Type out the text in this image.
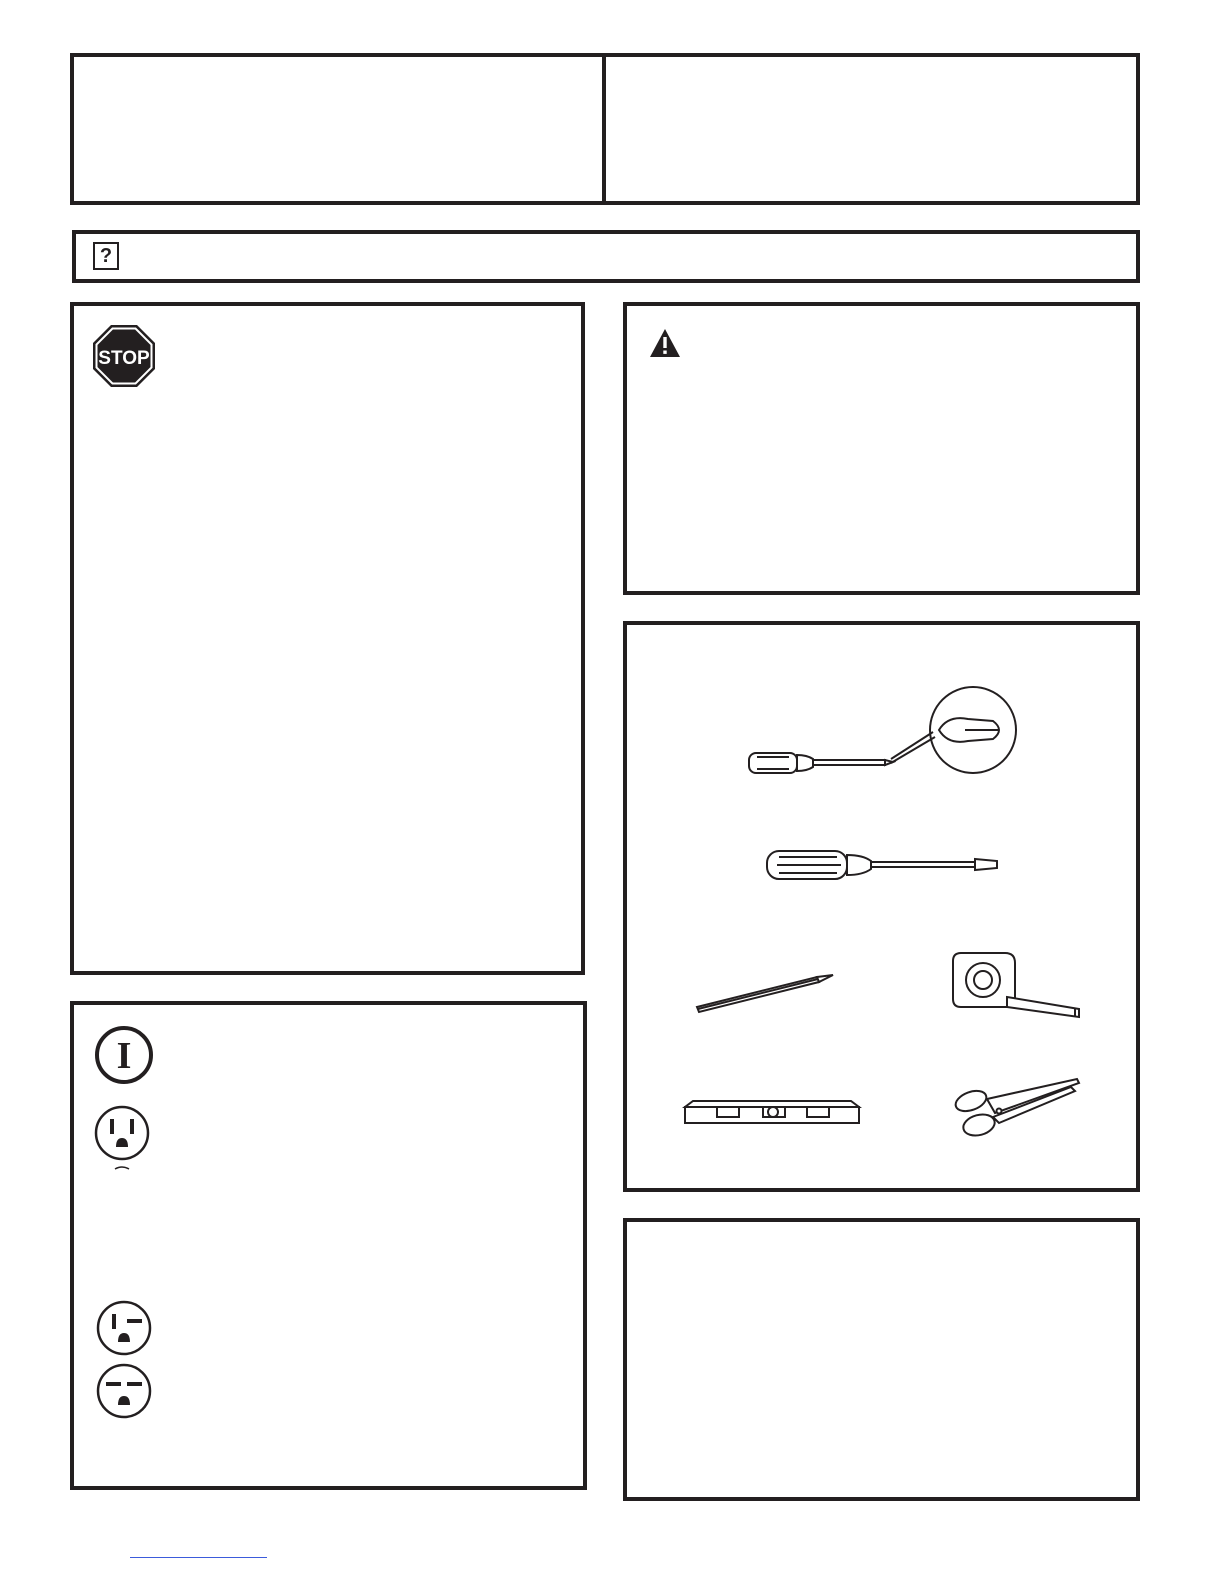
?
STOP
I
